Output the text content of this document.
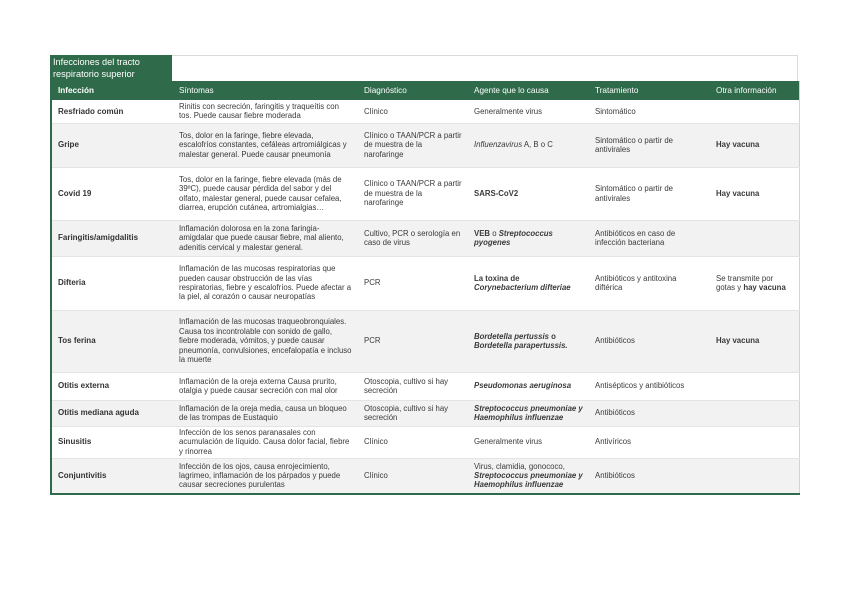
Infecciones del tracto respiratorio superior
Infección	Síntomas	Diagnóstico	Agente que lo causa	Tratamiento	Otra información
Resfriado común	Rinitis con secreción, faringitis y traqueítis con tos. Puede causar fiebre moderada	Clínico	Generalmente virus	Sintomático	
Gripe	Tos, dolor en la faringe, fiebre elevada, escalofríos constantes, cefáleas artromiálgicas y malestar general. Puede causar pneumonía	Clínico o TAAN/PCR a partir de muestra de la narofaringe	Influenzavirus A, B o C	Sintomático o partir de antivirales	Hay vacuna
Covid 19	Tos, dolor en la faringe, fiebre elevada (más de 39ºC), puede causar pérdida del sabor y del olfato, malestar general, puede causar cefalea, diarrea, erupción cutánea, artromialgias…	Clínico o TAAN/PCR a partir de muestra de la narofaringe	SARS-CoV2	Sintomático o partir de antivirales	Hay vacuna
Faringitis/amigdalitis	Inflamación dolorosa en la zona faringia-amigdalar que puede causar fiebre, mal aliento, adenitis cervical y malestar general.	Cultivo, PCR o serología en caso de virus	VEB o Streptococcus pyogenes	Antibióticos en caso de infección bacteriana	
Difteria	Inflamación de las mucosas respiratorias que pueden causar obstrucción de las vías respiratorias, fiebre y escalofríos. Puede afectar a la piel, al corazón o causar neuropatías	PCR	La toxina de Corynebacterium difteriae	Antibióticos y antitoxina diftérica	Se transmite por gotas y hay vacuna
Tos ferina	Inflamación de las mucosas traqueobronquiales. Causa tos incontrolable con sonido de gallo, fiebre moderada, vómitos, y puede causar pneumonía, convulsiones, encefalopatía e incluso la muerte	PCR	Bordetella pertussis o Bordetella parapertussis.	Antibióticos	Hay vacuna
Otitis externa	Inflamación de la oreja externa Causa prurito, otalgia y puede causar secreción con mal olor	Otoscopia, cultivo si hay secreción	Pseudomonas aeruginosa	Antisépticos y antibióticos	
Otitis mediana aguda	Inflamación de la oreja media, causa un bloqueo de las trompas de Eustaquio	Otoscopia, cultivo si hay secreción	Streptococcus pneumoniae y Haemophilus influenzae	Antibióticos	
Sinusitis	Infección de los senos paranasales con acumulación de líquido. Causa dolor facial, fiebre y rinorrea	Clínico	Generalmente virus	Antivíricos	
Conjuntivitis	Infección de los ojos, causa enrojecimiento, lagrimeo, inflamación de los párpados y puede causar secreciones purulentas	Clínico	Virus, clamidia, gonococo, Streptococcus pneumoniae y Haemophilus influenzae	Antibióticos	
